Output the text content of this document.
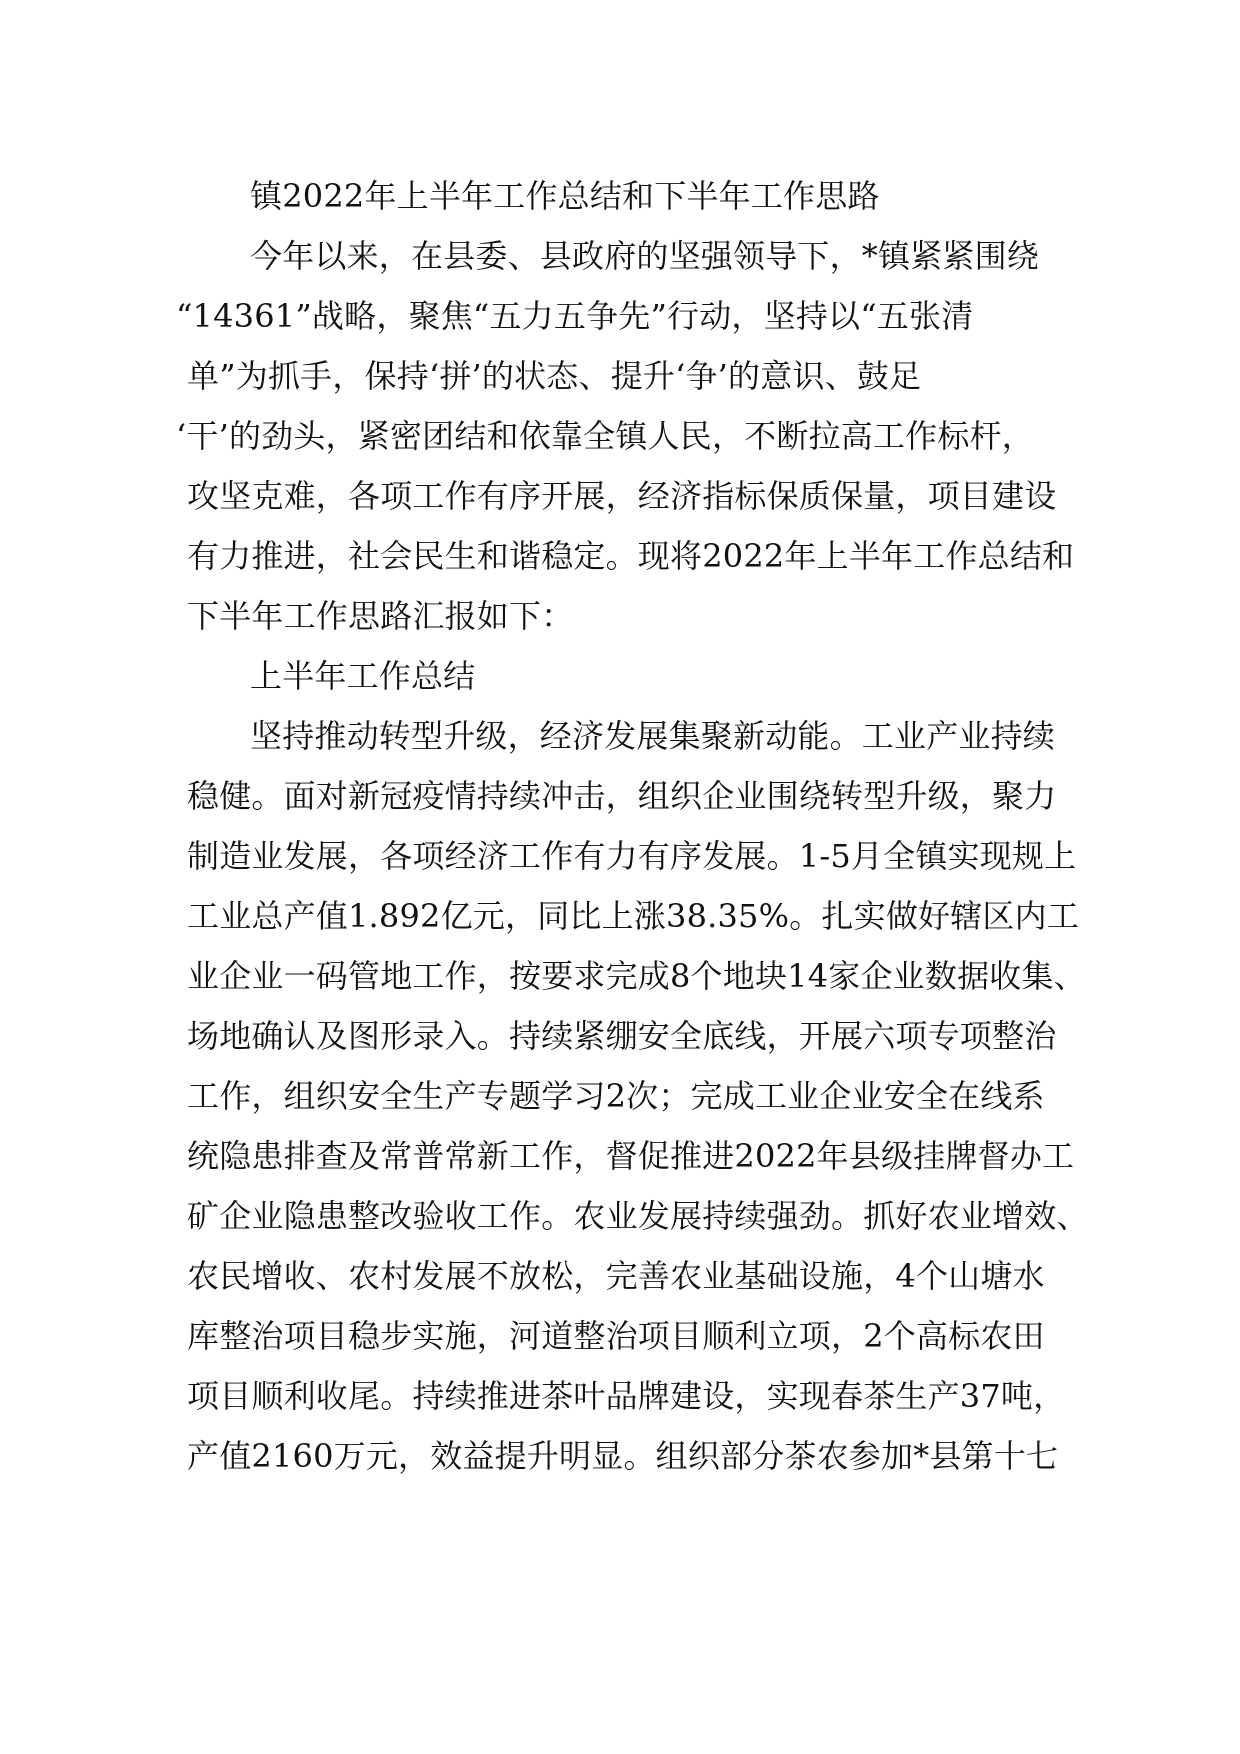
镇2022年上半年工作总结和下半年工作思路
今年以来，在县委、县政府的坚强领导下，*镇紧紧围绕
“14361”战略，聚焦“五力五争先”行动，坚持以“五张清
单”为抓手，保持‘拼’的状态、提升‘争’的意识、鼓足
‘干’的劲头，紧密团结和依靠全镇人民，不断拉高工作标杆，
攻坚克难，各项工作有序开展，经济指标保质保量，项目建设
有力推进，社会民生和谐稳定。现将2022年上半年工作总结和
下半年工作思路汇报如下：
上半年工作总结
坚持推动转型升级，经济发展集聚新动能。工业产业持续
稳健。面对新冠疫情持续冲击，组织企业围绕转型升级，聚力
制造业发展，各项经济工作有力有序发展。1-5月全镇实现规上
工业总产值1.892亿元，同比上涨38.35%。扎实做好辖区内工
业企业一码管地工作，按要求完成8个地块14家企业数据收集、
场地确认及图形录入。持续紧绷安全底线，开展六项专项整治
工作，组织安全生产专题学习2次；完成工业企业安全在线系
统隐患排查及常普常新工作，督促推进2022年县级挂牌督办工
矿企业隐患整改验收工作。农业发展持续强劲。抓好农业增效、
农民增收、农村发展不放松，完善农业基础设施，4个山塘水
库整治项目稳步实施，河道整治项目顺利立项，2个高标农田
项目顺利收尾。持续推进茶叶品牌建设，实现春茶生产37吨，
产值2160万元，效益提升明显。组织部分茶农参加*县第十七
